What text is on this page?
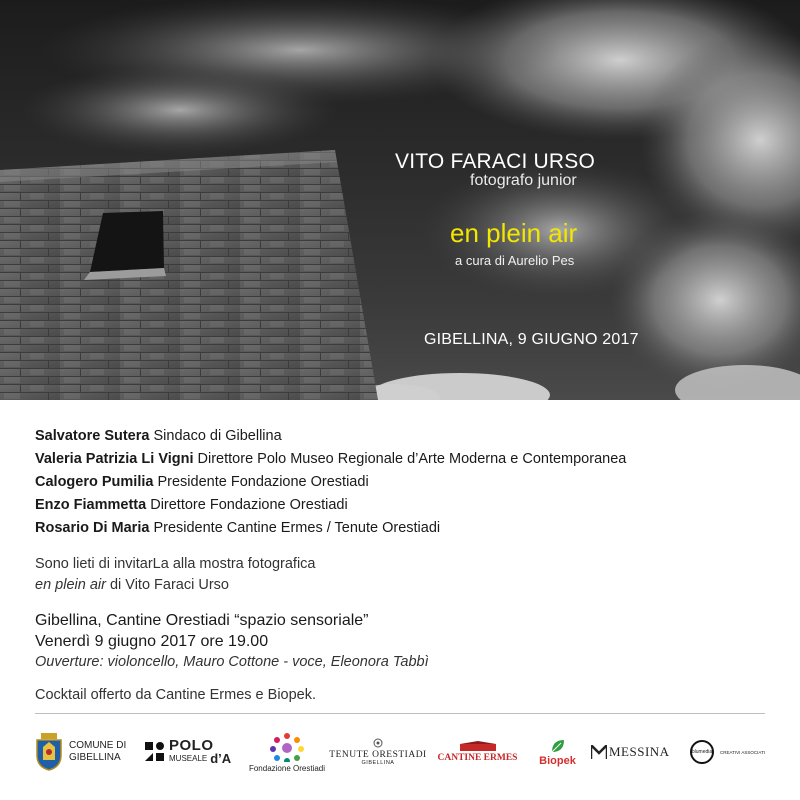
VITO FARACI URSO
fotografo junior
en plein air
a cura di Aurelio Pes
GIBELLINA, 9 GIUGNO 2017
Salvatore Sutera Sindaco di Gibellina
Valeria Patrizia Li Vigni Direttore Polo Museo Regionale d’Arte Moderna e Contemporanea
Calogero Pumilia Presidente Fondazione Orestiadi
Enzo Fiammetta Direttore Fondazione Orestiadi
Rosario Di Maria Presidente Cantine Ermes / Tenute Orestiadi
Sono lieti di invitarLa alla mostra fotografica
en plein air di Vito Faraci Urso
Gibellina, Cantine Orestiadi “spazio sensoriale”
Venerdì 9 giugno 2017 ore 19.00
Ouverture: violoncello, Mauro Cottone - voce, Eleonora Tabbì
Cocktail offerto da Cantine Ermes e Biopek.
COMUNE DI
GIBELLINA
POLO
MUSEALE d’A
Fondazione Orestiadi
TENUTE ORESTIADI
GIBELLINA	CANTINE ERMES Biopek
MESSINA	blumedia CREATIVI ASSOCIATI
